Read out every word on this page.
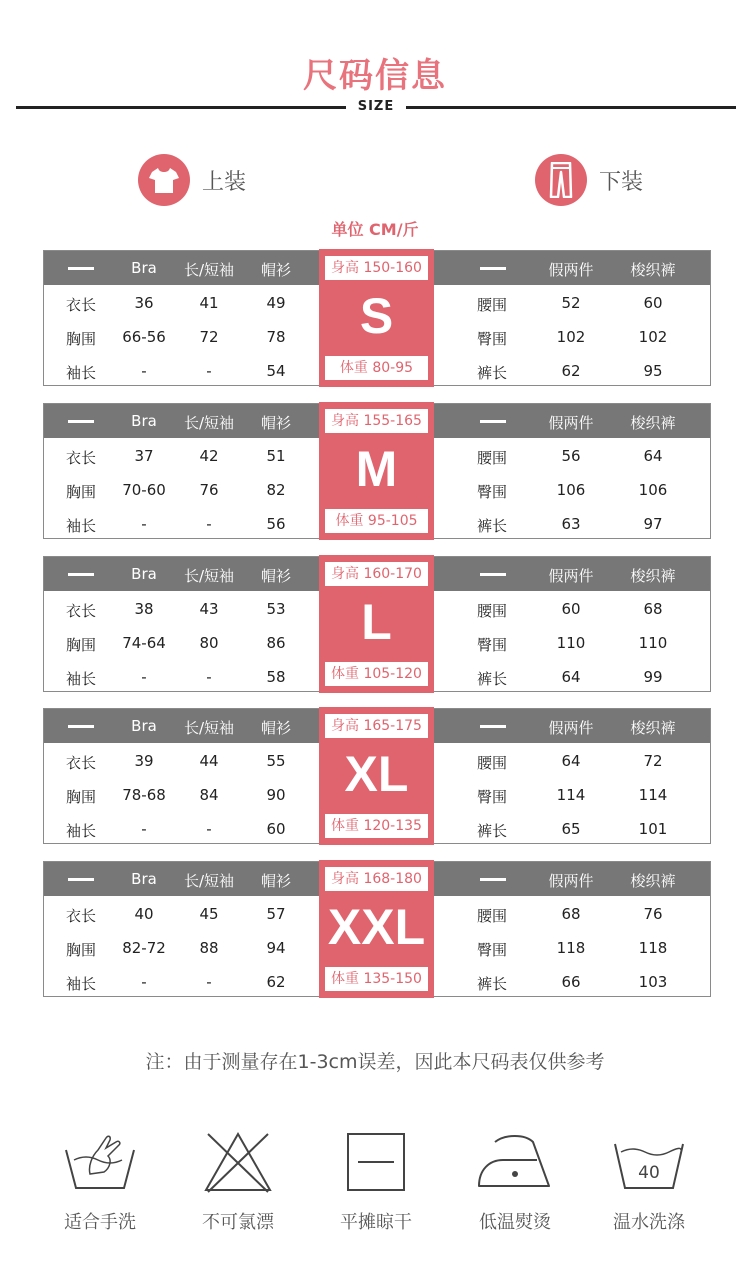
尺码信息
SIZE
上装	下装
单位 CM/斤
Bra	长/短袖	帽衫	假两件	梭织裤
衣长	36	41	49
胸围	66-56	72	78
袖长	-	-	54
腰围	52	60
臀围	102	102
裤长	62	95
身高 150-160
S
体重 80-95
Bra	长/短袖	帽衫	假两件	梭织裤
衣长	37	42	51
胸围	70-60	76	82
袖长	-	-	56
腰围	56	64
臀围	106	106
裤长	63	97
身高 155-165
M
体重 95-105
Bra	长/短袖	帽衫	假两件	梭织裤
衣长	38	43	53
胸围	74-64	80	86
袖长	-	-	58
腰围	60	68
臀围	110	110
裤长	64	99
身高 160-170
L
体重 105-120
Bra	长/短袖	帽衫	假两件	梭织裤
衣长	39	44	55
胸围	78-68	84	90
袖长	-	-	60
腰围	64	72
臀围	114	114
裤长	65	101
身高 165-175
XL
体重 120-135
Bra	长/短袖	帽衫	假两件	梭织裤
衣长	40	45	57
胸围	82-72	88	94
袖长	-	-	62
腰围	68	76
臀围	118	118
裤长	66	103
身高 168-180
XXL
体重 135-150
注：由于测量存在1-3cm误差，因此本尺码表仅供参考
适合手洗	不可氯漂	平摊晾干	低温熨烫
40
温水洗涤
